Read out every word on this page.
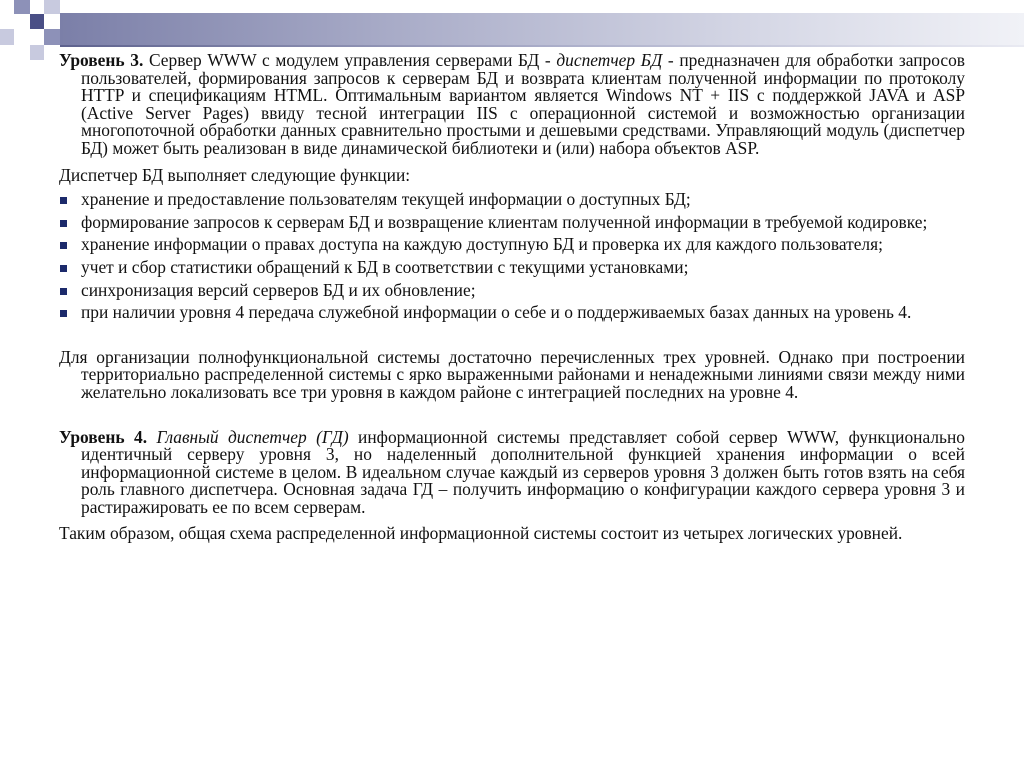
Уровень 3. Сервер WWW с модулем управления серверами БД - диспетчер БД - предназначен для обработки запросов пользователей, формирования запросов к серверам БД и возврата клиентам полученной информации по протоколу HTTP и спецификациям HTML. Оптимальным вариантом является Windows NT + IIS с поддержкой JAVA и ASP (Active Server Pages) ввиду тесной интеграции IIS с операционной системой и возможностью организации многопоточной обработки данных сравнительно простыми и дешевыми средствами. Управляющий модуль (диспетчер БД) может быть реализован в виде динамической библиотеки и (или) набора объектов ASP.

Диспетчер БД выполняет следующие функции:

хранение и предоставление пользователям текущей информации о доступных БД;
формирование запросов к серверам БД и возвращение клиентам полученной информации в требуемой кодировке;
хранение информации о правах доступа на каждую доступную БД и проверка их для каждого пользователя;
учет и сбор статистики обращений к БД в соответствии с текущими установками;
синхронизация версий серверов БД и их обновление;
при наличии уровня 4 передача служебной информации о себе и о поддерживаемых базах данных на уровень 4.

Для организации полнофункциональной системы достаточно перечисленных трех уровней. Однако при построении территориально распределенной системы с ярко выраженными районами и ненадежными линиями связи между ними желательно локализовать все три уровня в каждом районе с интеграцией последних на уровне 4.

Уровень 4. Главный диспетчер (ГД) информационной системы представляет собой сервер WWW, функционально идентичный серверу уровня 3, но наделенный дополнительной функцией хранения информации о всей информационной системе в целом. В идеальном случае каждый из серверов уровня 3 должен быть готов взять на себя роль главного диспетчера. Основная задача ГД – получить информацию о конфигурации каждого сервера уровня 3 и растиражировать ее по всем серверам.

Таким образом, общая схема распределенной информационной системы состоит из четырех логических уровней.
